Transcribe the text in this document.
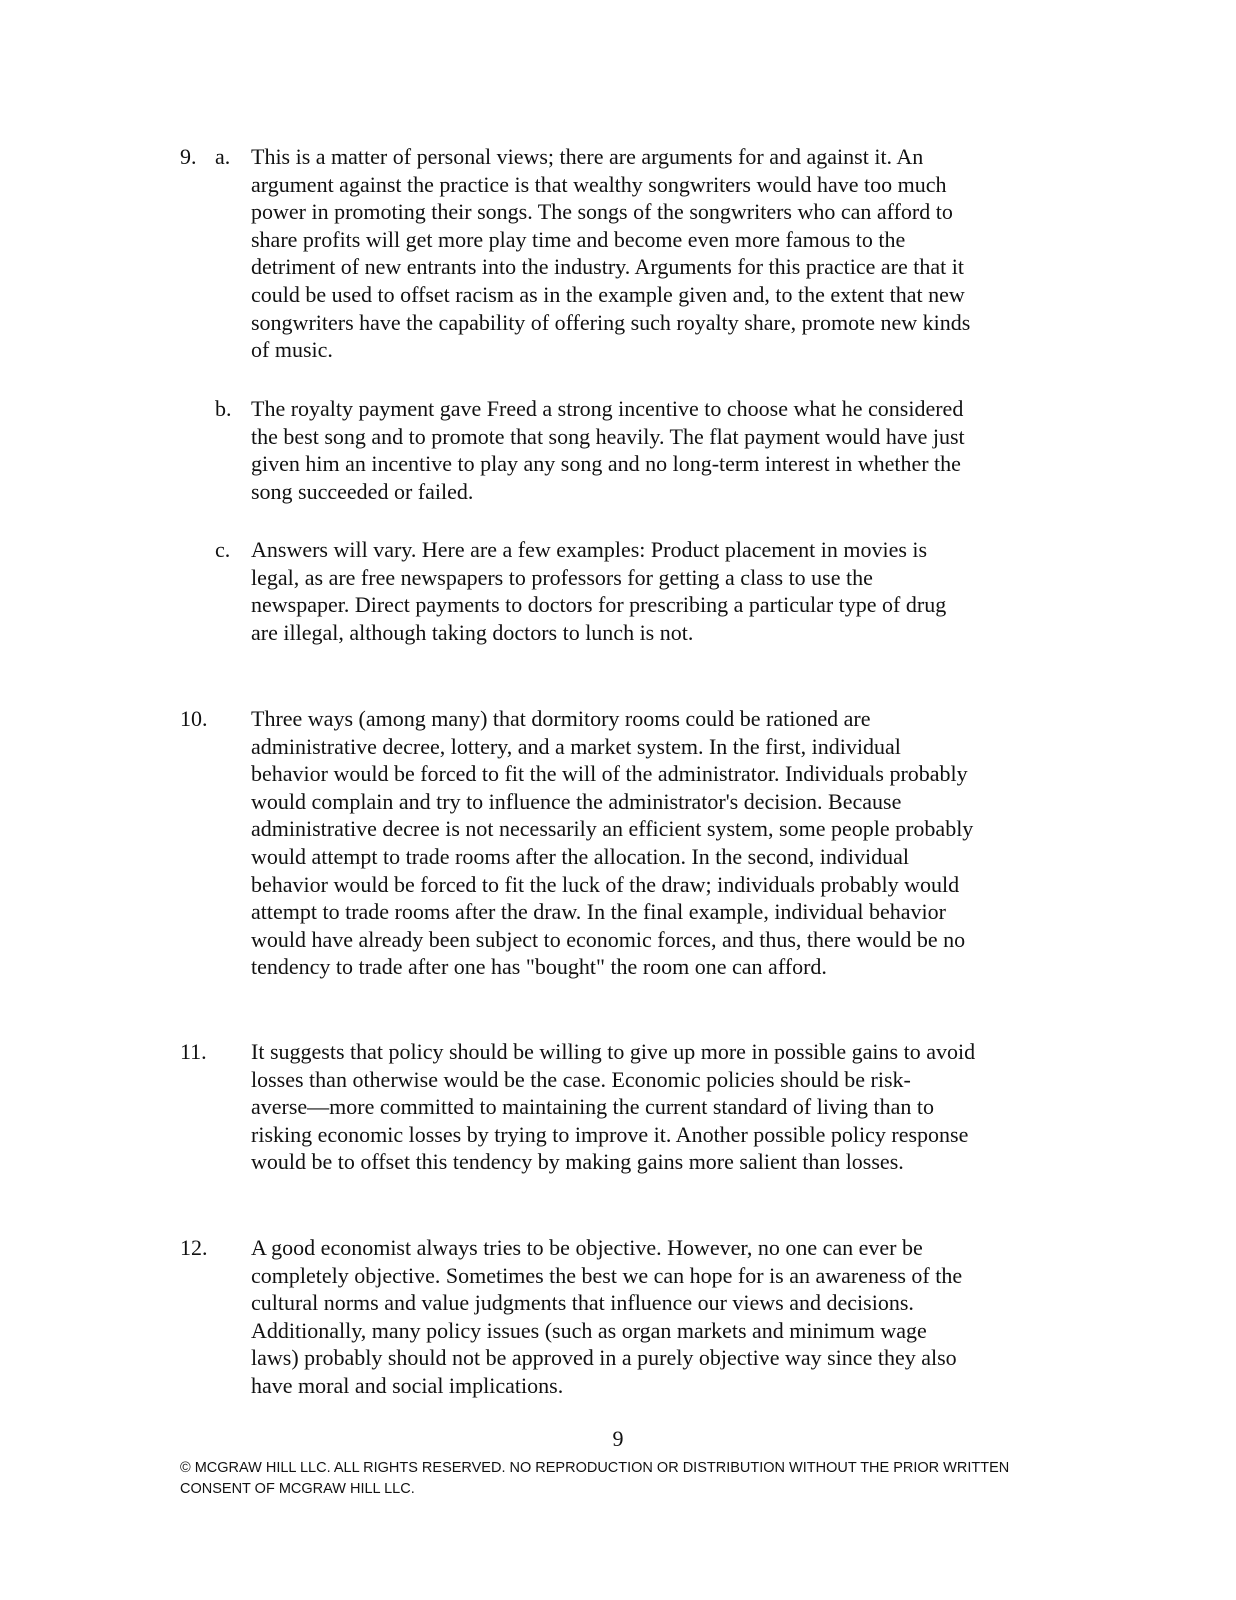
9. a. This is a matter of personal views; there are arguments for and against it. An
argument against the practice is that wealthy songwriters would have too much
power in promoting their songs. The songs of the songwriters who can afford to
share profits will get more play time and become even more famous to the
detriment of new entrants into the industry. Arguments for this practice are that it
could be used to offset racism as in the example given and, to the extent that new
songwriters have the capability of offering such royalty share, promote new kinds
of music.
b. The royalty payment gave Freed a strong incentive to choose what he considered
the best song and to promote that song heavily. The flat payment would have just
given him an incentive to play any song and no long-term interest in whether the
song succeeded or failed.
c. Answers will vary. Here are a few examples: Product placement in movies is
legal, as are free newspapers to professors for getting a class to use the
newspaper. Direct payments to doctors for prescribing a particular type of drug
are illegal, although taking doctors to lunch is not.
10. Three ways (among many) that dormitory rooms could be rationed are
administrative decree, lottery, and a market system. In the first, individual
behavior would be forced to fit the will of the administrator. Individuals probably
would complain and try to influence the administrator's decision. Because
administrative decree is not necessarily an efficient system, some people probably
would attempt to trade rooms after the allocation. In the second, individual
behavior would be forced to fit the luck of the draw; individuals probably would
attempt to trade rooms after the draw. In the final example, individual behavior
would have already been subject to economic forces, and thus, there would be no
tendency to trade after one has "bought" the room one can afford.
11. It suggests that policy should be willing to give up more in possible gains to avoid
losses than otherwise would be the case. Economic policies should be risk-
averse—more committed to maintaining the current standard of living than to
risking economic losses by trying to improve it. Another possible policy response
would be to offset this tendency by making gains more salient than losses.
12. A good economist always tries to be objective. However, no one can ever be
completely objective. Sometimes the best we can hope for is an awareness of the
cultural norms and value judgments that influence our views and decisions.
Additionally, many policy issues (such as organ markets and minimum wage
laws) probably should not be approved in a purely objective way since they also
have moral and social implications.
9
© MCGRAW HILL LLC. ALL RIGHTS RESERVED. NO REPRODUCTION OR DISTRIBUTION WITHOUT THE PRIOR WRITTEN
CONSENT OF MCGRAW HILL LLC.
